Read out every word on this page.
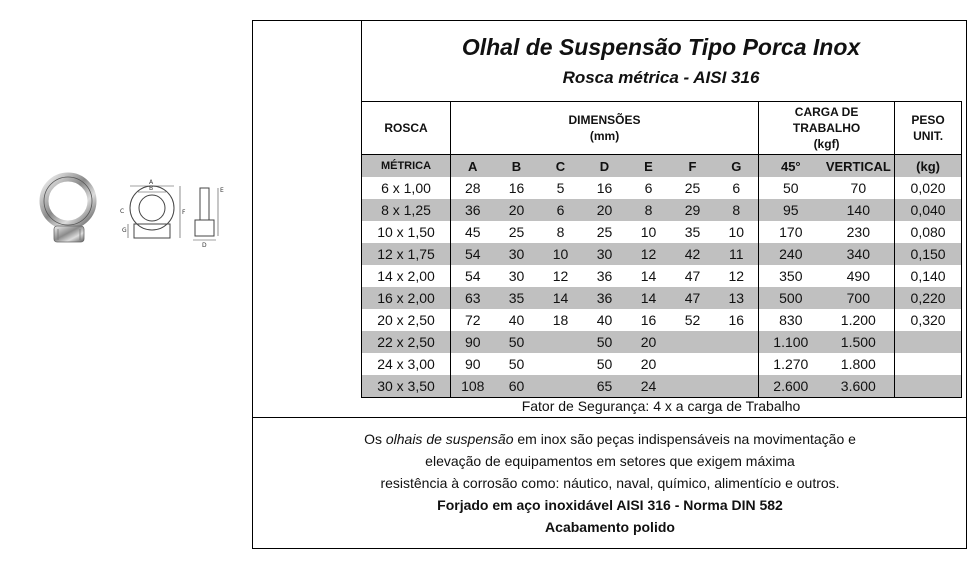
A
B
C	F
G
E
D
Olhal de Suspensão Tipo Porca Inox
Rosca métrica - AISI 316
ROSCA	DIMENSÕES
(mm)							CARGA DE
TRABALHO
(kgf)		PESO
UNIT.
MÉTRICA	A	B	C	D	E	F	G	45°	VERTICAL	(kg)
6 x 1,00	28	16	5	16	6	25	6	50	70	0,020
8 x 1,25	36	20	6	20	8	29	8	95	140	0,040
10 x 1,50	45	25	8	25	10	35	10	170	230	0,080
12 x 1,75	54	30	10	30	12	42	11	240	340	0,150
14 x 2,00	54	30	12	36	14	47	12	350	490	0,140
16 x 2,00	63	35	14	36	14	47	13	500	700	0,220
20 x 2,50	72	40	18	40	16	52	16	830	1.200	0,320
22 x 2,50	90	50		50	20			1.100	1.500	
24 x 3,00	90	50		50	20			1.270	1.800	
30 x 3,50	108	60		65	24			2.600	3.600	
Fator de Segurança: 4 x a carga de Trabalho
Os olhais de suspensão em inox são peças indispensáveis na movimentação e
elevação de equipamentos em setores que exigem máxima
resistência à corrosão como: náutico, naval, químico, alimentício e outros.
Forjado em aço inoxidável AISI 316 - Norma DIN 582
Acabamento polido
